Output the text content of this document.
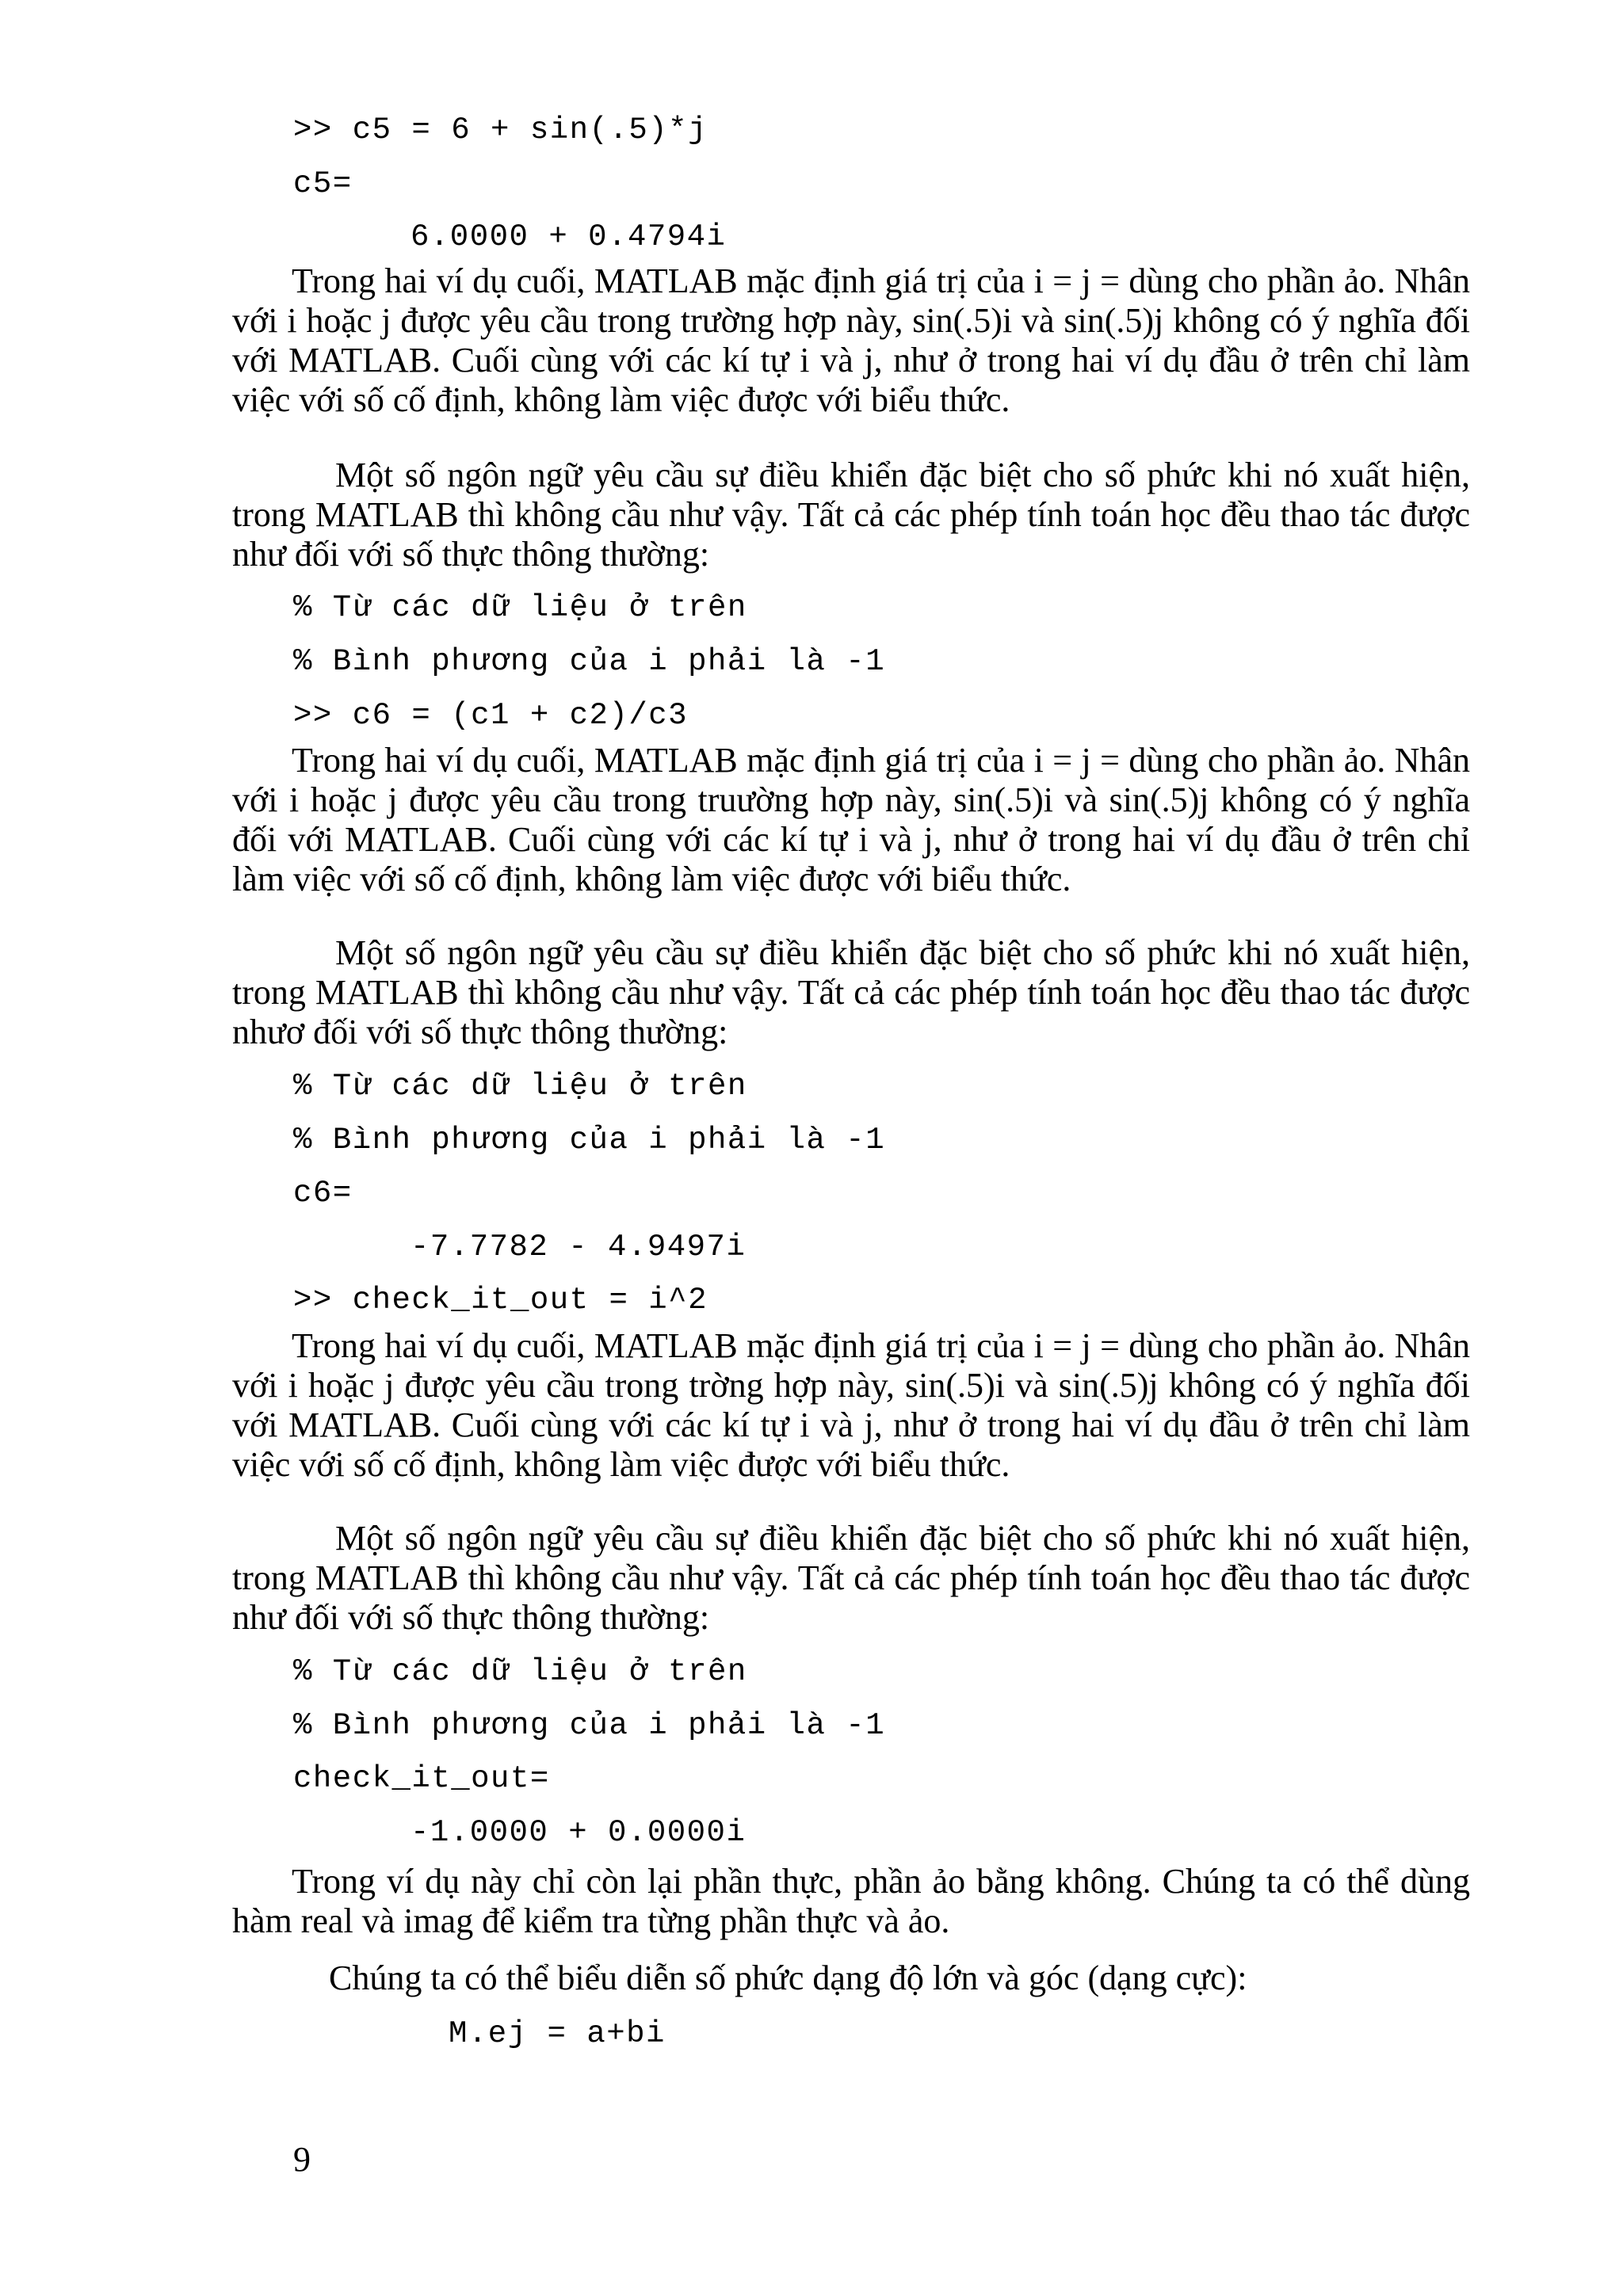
>> c5 = 6 + sin(.5)*j

c5=

6.0000 + 0.4794i

Trong hai ví dụ cuối, MATLAB mặc định giá trị của i = j = dùng cho phần ảo. Nhân với i hoặc j được yêu cầu trong trường hợp này, sin(.5)i và sin(.5)j không có ý nghĩa đối với MATLAB. Cuối cùng với các kí tự i và j, như ở trong hai ví dụ đầu ở trên chỉ làm việc với số cố định, không làm việc được với biểu thức.

Một số ngôn ngữ yêu cầu sự điều khiển đặc biệt cho số phức khi nó xuất hiện, trong MATLAB thì không cầu như vậy. Tất cả các phép tính toán học đều thao tác được như đối với số thực thông thường:

% Từ các dữ liệu ở trên

% Bình phương của i phải là -1

>> c6 = (c1 + c2)/c3

Trong hai ví dụ cuối, MATLAB mặc định giá trị của i = j = dùng cho phần ảo. Nhân với i hoặc j được yêu cầu trong truường hợp này, sin(.5)i và sin(.5)j không có ý nghĩa đối với MATLAB. Cuối cùng với các kí tự i và j, như ở trong hai ví dụ đầu ở trên chỉ làm việc với số cố định, không làm việc được với biểu thức.

Một số ngôn ngữ yêu cầu sự điều khiển đặc biệt cho số phức khi nó xuất hiện, trong MATLAB thì không cầu như vậy. Tất cả các phép tính toán học đều thao tác được nhươ đối với số thực thông thường:

% Từ các dữ liệu ở trên

% Bình phương của i phải là -1

c6=

-7.7782 - 4.9497i

>> check_it_out = i^2

Trong hai ví dụ cuối, MATLAB mặc định giá trị của i = j = dùng cho phần ảo. Nhân với i hoặc j được yêu cầu trong trờng hợp này, sin(.5)i và sin(.5)j không có ý nghĩa đối với MATLAB. Cuối cùng với các kí tự i và j, như ở trong hai ví dụ đầu ở trên chỉ làm việc với số cố định, không làm việc được với biểu thức.

Một số ngôn ngữ yêu cầu sự điều khiển đặc biệt cho số phức khi nó xuất hiện, trong MATLAB thì không cầu như vậy. Tất cả các phép tính toán học đều thao tác được như đối với số thực thông thường:

% Từ các dữ liệu ở trên

% Bình phương của i phải là -1

check_it_out=

-1.0000 + 0.0000i

Trong ví dụ này chỉ còn lại phần thực, phần ảo bằng không. Chúng ta có thể dùng hàm real và imag để kiểm tra từng phần thực và ảo.

Chúng ta có thể biểu diễn số phức dạng độ lớn và góc (dạng cực):

M.ej = a+bi

9
